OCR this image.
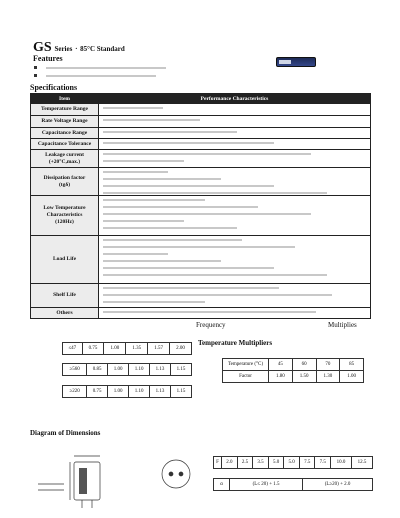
GS Series · 85°C Standard
Features
Specifications
Item	Performance Characteristics
Temperature Range	
Rate Voltage Range	
Capacitance Range	
Capacitance Tolerance	
Leakage current
(+20°C,max.)	
Dissipation factor
(tgδ)	
Low Temperature
Characteristics
(120Hz)	
Load Life	
Shelf Life	
Others	
Frequency	Multiplies
Temperature Multipliers
≤47	0.75	1.00	1.35	1.57	2.00
≥560	0.85	1.00	1.10	1.13	1.15
≥220	0.75	1.00	1.10	1.13	1.15
Temperature (°C)	45	60	70	85
Factor	1.80	1.50	1.30	1.00
Diagram of Dimensions
F	2.0	2.5	3.5	5.0	5.0	7.5	7.5	10.0	12.5
α	(L≤ 20) + 1.5	(L≥20) + 2.0
